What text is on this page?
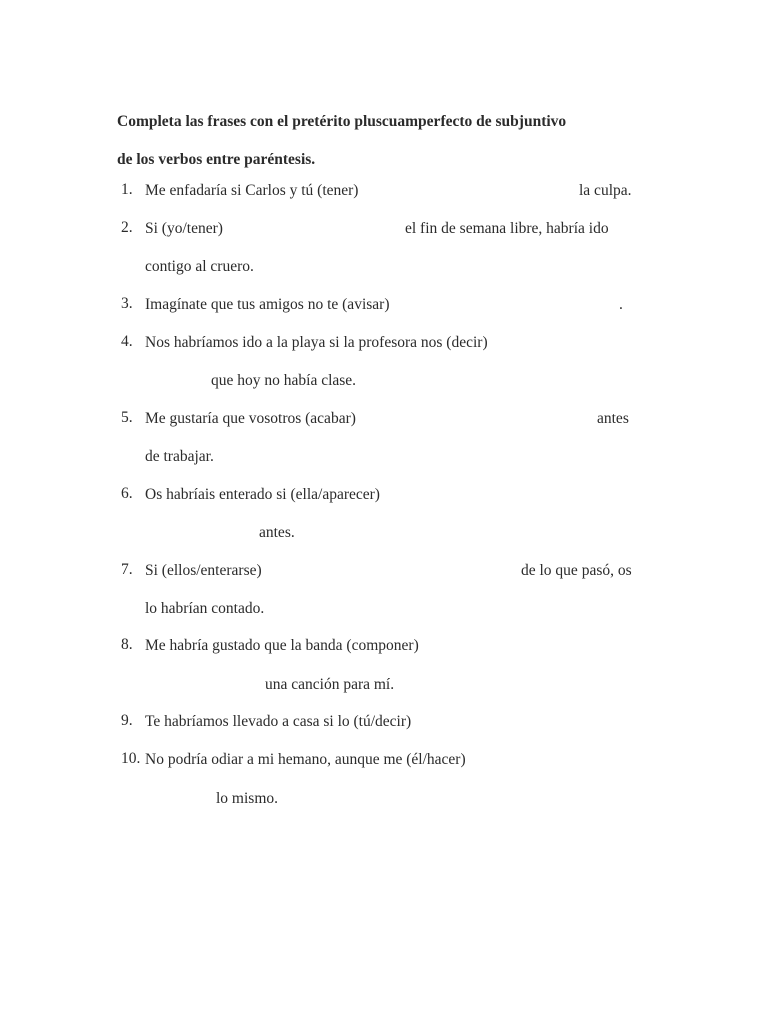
Completa las frases con el pretérito pluscuamperfecto de subjuntivo
de los verbos entre paréntesis.
1. Me enfadaría si Carlos y tú (tener)	la culpa.
2. Si (yo/tener)	el fin de semana libre, habría ido
contigo al cruero.
3. Imagínate que tus amigos no te (avisar)	.
4. Nos habríamos ido a la playa si la profesora nos (decir)
que hoy no había clase.
5. Me gustaría que vosotros (acabar)	antes
de trabajar.
6. Os habríais enterado si (ella/aparecer)
antes.
7. Si (ellos/enterarse)	de lo que pasó, os
lo habrían contado.
8. Me habría gustado que la banda (componer)
una canción para mí.
9. Te habríamos llevado a casa si lo (tú/decir)
10. No podría odiar a mi hemano, aunque me (él/hacer)
lo mismo.
